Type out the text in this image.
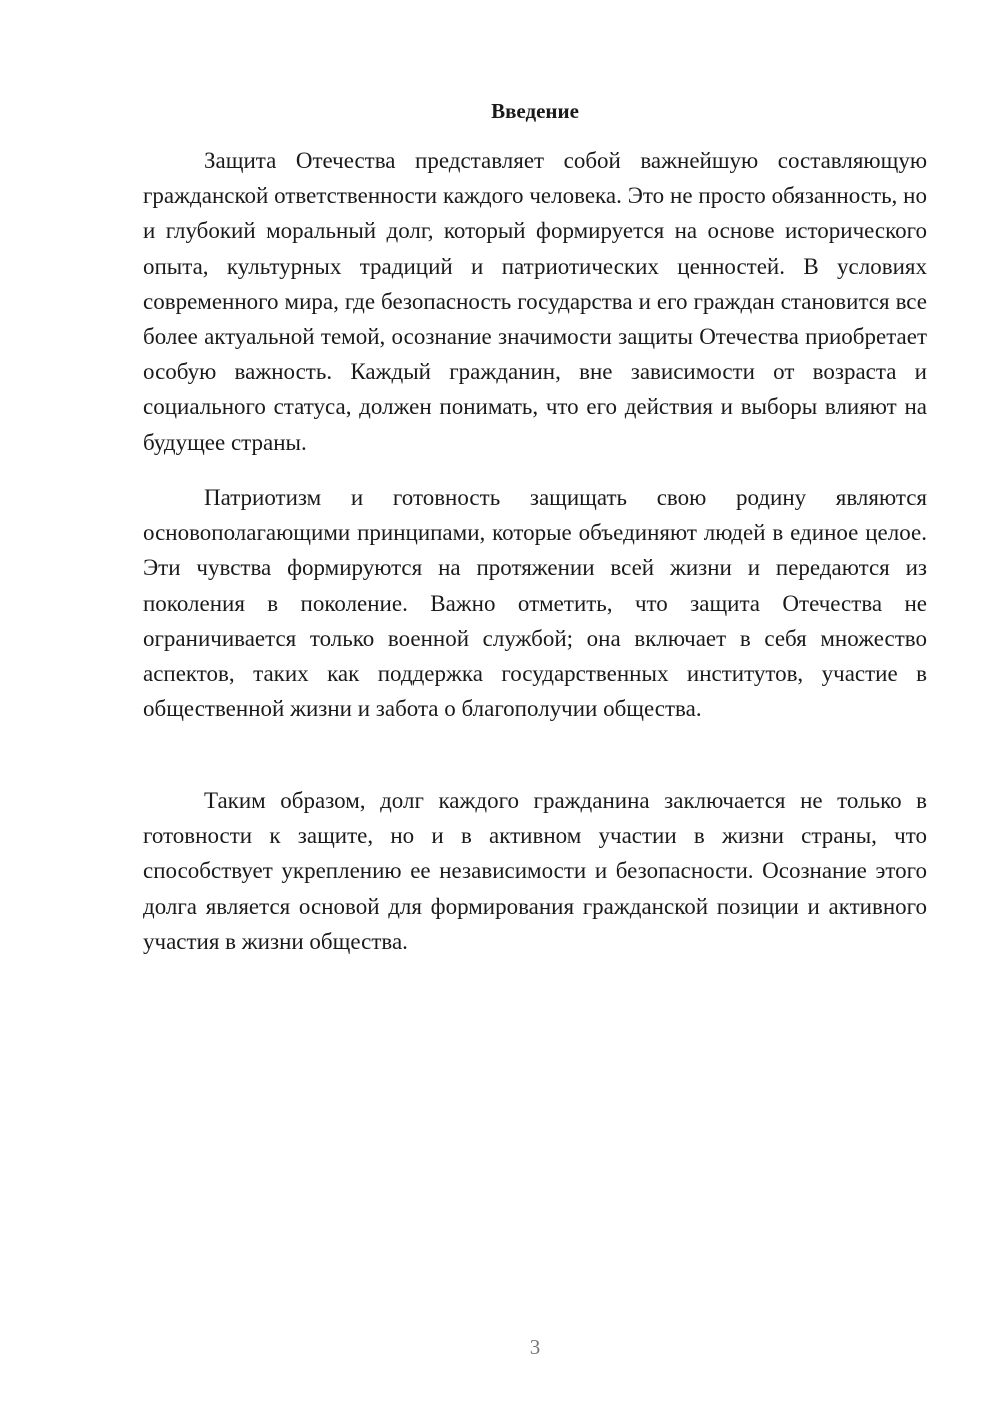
Введение

Защита Отечества представляет собой важнейшую составляющую гражданской ответственности каждого человека. Это не просто обязанность, но и глубокий моральный долг, который формируется на основе исторического опыта, культурных традиций и патриотических ценностей. В условиях современного мира, где безопасность государства и его граждан становится все более актуальной темой, осознание значимости защиты Отечества приобретает особую важность. Каждый гражданин, вне зависимости от возраста и социального статуса, должен понимать, что его действия и выборы влияют на будущее страны.

Патриотизм и готовность защищать свою родину являются основополагающими принципами, которые объединяют людей в единое целое. Эти чувства формируются на протяжении всей жизни и передаются из поколения в поколение. Важно отметить, что защита Отечества не ограничивается только военной службой; она включает в себя множество аспектов, таких как поддержка государственных институтов, участие в общественной жизни и забота о благополучии общества.

Таким образом, долг каждого гражданина заключается не только в готовности к защите, но и в активном участии в жизни страны, что способствует укреплению ее независимости и безопасности. Осознание этого долга является основой для формирования гражданской позиции и активного участия в жизни общества.

3
